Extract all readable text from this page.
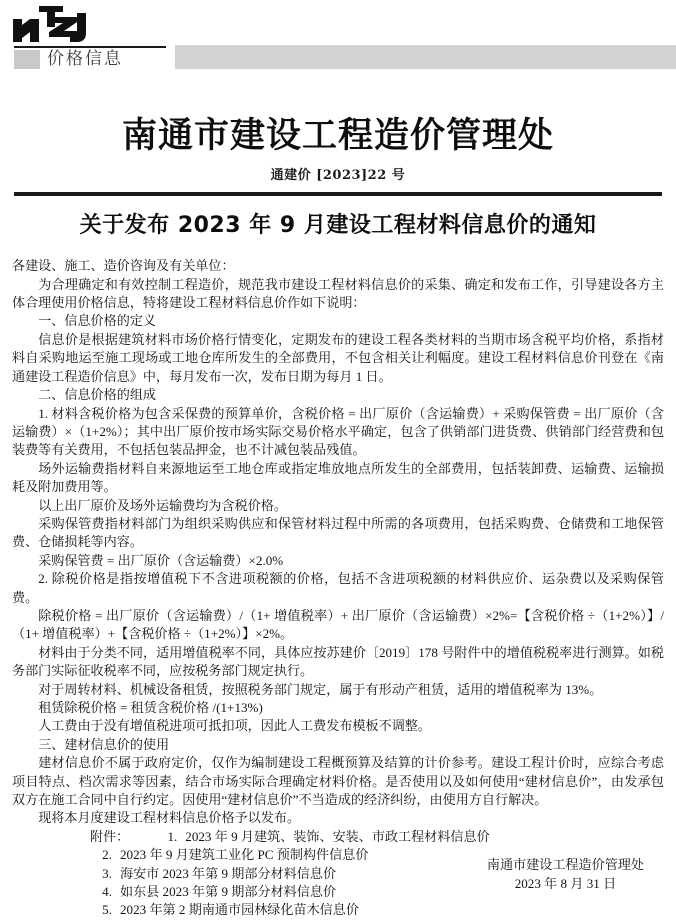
价格信息
南通市建设工程造价管理处
通建价 [2023]22 号
关于发布 2023 年 9 月建设工程材料信息价的通知

各建设、施工、造价咨询及有关单位：

为合理确定和有效控制工程造价，规范我市建设工程材料信息价的采集、确定和发布工作，引导建设各方主体合理使用价格信息，特将建设工程材料信息价作如下说明：

一、信息价格的定义

信息价是根据建筑材料市场价格行情变化，定期发布的建设工程各类材料的当期市场含税平均价格，系指材料自采购地运至施工现场或工地仓库所发生的全部费用，不包含相关让利幅度。建设工程材料信息价刊登在《南通建设工程造价信息》中，每月发布一次，发布日期为每月 1 日。

二、信息价格的组成

1. 材料含税价格为包含采保费的预算单价，含税价格 = 出厂原价（含运输费）+ 采购保管费 = 出厂原价（含运输费）×（1+2%）；其中出厂原价按市场实际交易价格水平确定，包含了供销部门进货费、供销部门经营费和包装费等有关费用，不包括包装品押金，也不计减包装品残值。

场外运输费指材料自来源地运至工地仓库或指定堆放地点所发生的全部费用，包括装卸费、运输费、运输损耗及附加费用等。

以上出厂原价及场外运输费均为含税价格。

采购保管费指材料部门为组织采购供应和保管材料过程中所需的各项费用，包括采购费、仓储费和工地保管费、仓储损耗等内容。

采购保管费 = 出厂原价（含运输费）×2.0%

2. 除税价格是指按增值税下不含进项税额的价格，包括不含进项税额的材料供应价、运杂费以及采购保管费。

除税价格 = 出厂原价（含运输费）/（1+ 增值税率）+ 出厂原价（含运输费）×2%=【含税价格 ÷（1+2%）】/（1+ 增值税率）+【含税价格 ÷（1+2%）】×2%。

材料由于分类不同，适用增值税率不同，具体应按苏建价〔2019〕178 号附件中的增值税税率进行测算。如税务部门实际征收税率不同，应按税务部门规定执行。

对于周转材料、机械设备租赁，按照税务部门规定，属于有形动产租赁，适用的增值税率为 13%。

租赁除税价格 = 租赁含税价格 /(1+13%)

人工费由于没有增值税进项可抵扣项，因此人工费发布模板不调整。

三、建材信息价的使用

建材信息价不属于政府定价，仅作为编制建设工程概预算及结算的计价参考。建设工程计价时，应综合考虑项目特点、档次需求等因素，结合市场实际合理确定材料价格。是否使用以及如何使用“建材信息价”，由发承包双方在施工合同中自行约定。因使用“建材信息价”不当造成的经济纠纷，由使用方自行解决。

现将本月度建设工程材料信息价格予以发布。

附件：	1. 2023 年 9 月建筑、装饰、安装、市政工程材料信息价
2. 2023 年 9 月建筑工业化 PC 预制构件信息价
3. 海安市 2023 年第 9 期部分材料信息价
4. 如东县 2023 年第 9 期部分材料信息价
5. 2023 年第 2 期南通市园林绿化苗木信息价
南通市建设工程造价管理处
2023 年 8 月 31 日
